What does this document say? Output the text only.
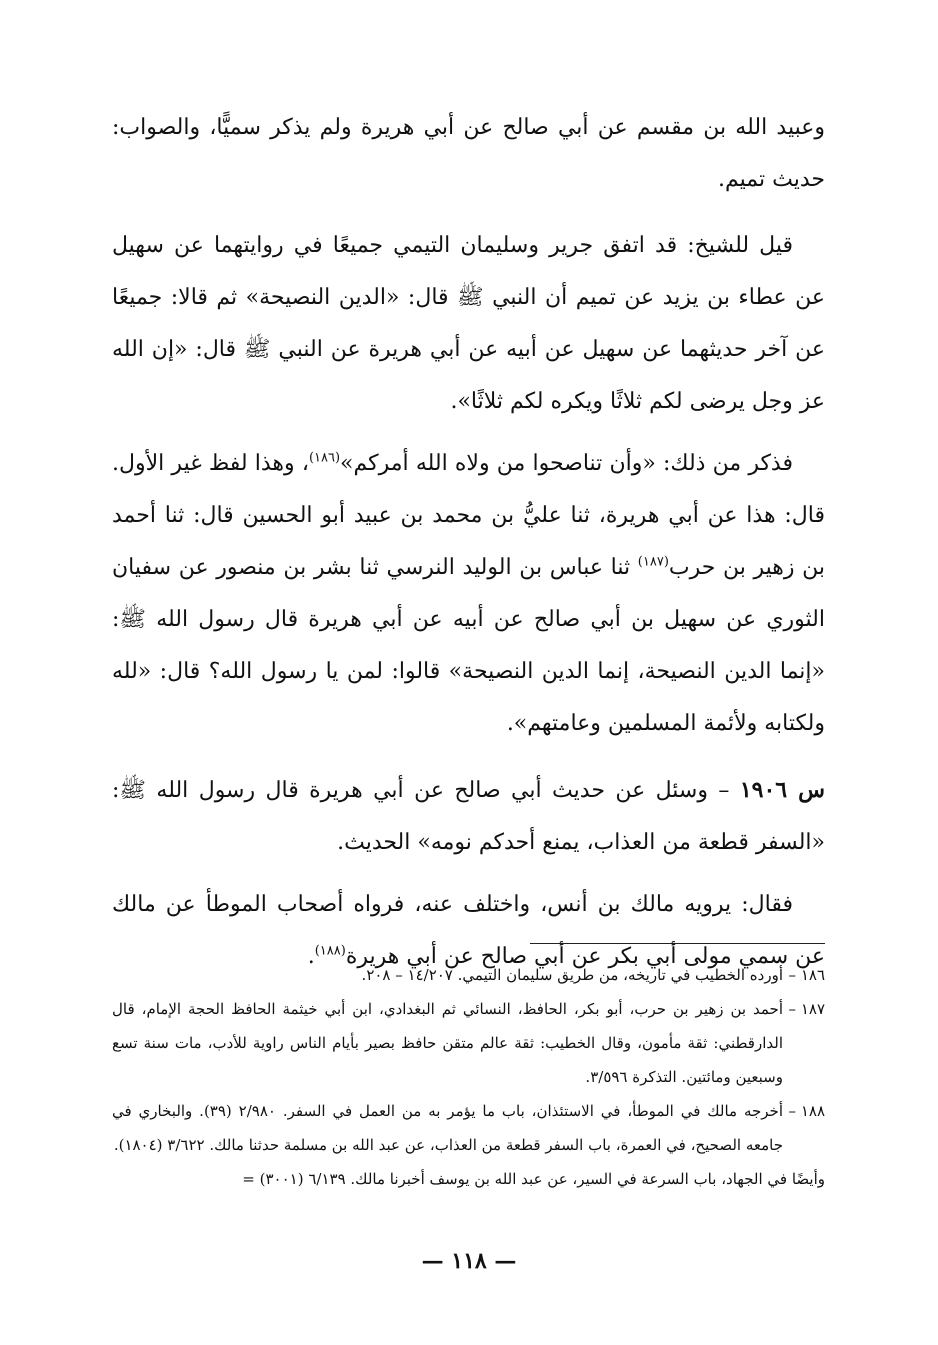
وعبيد الله بن مقسم عن أبي صالح عن أبي هريرة ولم يذكر سميًّا، والصواب: حديث تميم.

قيل للشيخ: قد اتفق جرير وسليمان التيمي جميعًا في روايتهما عن سهيل عن عطاء بن يزيد عن تميم أن النبي ﷺ قال: «الدين النصيحة» ثم قالا: جميعًا عن آخر حديثهما عن سهيل عن أبيه عن أبي هريرة عن النبي ﷺ قال: «إن الله عز وجل يرضى لكم ثلاثًا ويكره لكم ثلاثًا».

فذكر من ذلك: «وأن تناصحوا من ولاه الله أمركم»$^{(١٨٦)}$، وهذا لفظ غير الأول. قال: هذا عن أبي هريرة، ثنا عليُّ بن محمد بن عبيد أبو الحسين قال: ثنا أحمد بن زهير بن حرب$^{(١٨٧)}$ ثنا عباس بن الوليد النرسي ثنا بشر بن منصور عن سفيان الثوري عن سهيل بن أبي صالح عن أبيه عن أبي هريرة قال رسول الله ﷺ: «إنما الدين النصيحة، إنما الدين النصيحة» قالوا: لمن يا رسول الله؟ قال: «لله ولكتابه ولأئمة المسلمين وعامتهم».

س ١٩٠٦ – وسئل عن حديث أبي صالح عن أبي هريرة قال رسول الله ﷺ: «السفر قطعة من العذاب، يمنع أحدكم نومه» الحديث.

فقال: يرويه مالك بن أنس، واختلف عنه، فرواه أصحاب الموطأ عن مالك عن سمي مولى أبي بكر عن أبي صالح عن أبي هريرة$^{(١٨٨)}$.

١٨٦ –
أورده الخطيب في تاريخه، من طريق سليمان التيمي. ١٤/٢٠٧ – ٢٠٨.
١٨٧ –
أحمد بن زهير بن حرب، أبو بكر، الحافظ، النسائي ثم البغدادي، ابن أبي خيثمة الحافظ الحجة الإمام، قال الدارقطني: ثقة مأمون، وقال الخطيب: ثقة عالم متقن حافظ بصير بأيام الناس راوية للأدب، مات سنة تسع وسبعين ومائتين. التذكرة ٣/٥٩٦.
١٨٨ –
أخرجه مالك في الموطأ، في الاستئذان، باب ما يؤمر به من العمل في السفر. ٢/٩٨٠ (٣٩). والبخاري في جامعه الصحيح، في العمرة، باب السفر قطعة من العذاب، عن عبد الله بن مسلمة حدثنا مالك. ٣/٦٢٢ (١٨٠٤).
وأيضًا في الجهاد، باب السرعة في السير، عن عبد الله بن يوسف أخبرنا مالك. ٦/١٣٩ (٣٠٠١) =
— ١١٨ —
